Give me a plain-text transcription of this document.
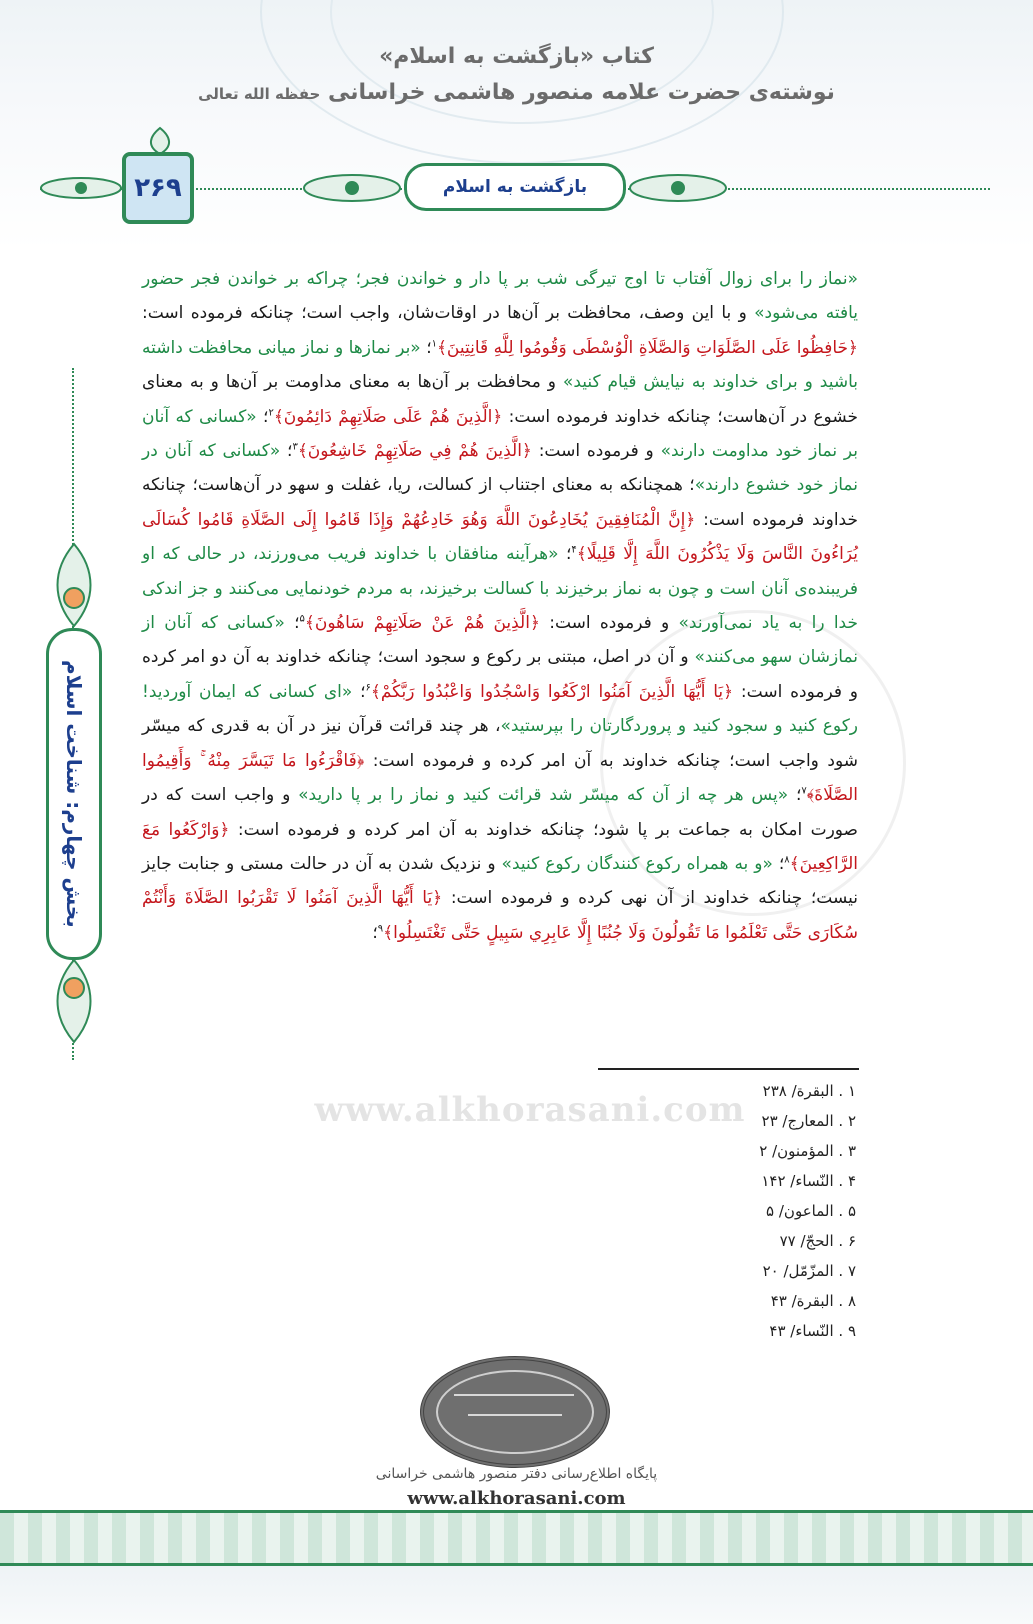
کتاب «بازگشت به اسلام»
نوشته‌ی حضرت علامه منصور هاشمی خراسانی حفظه الله تعالی
۲۶۹	بازگشت به اسلام
بخش چهارم: شناخت اسلام

«نماز را برای زوال آفتاب تا اوج تیرگی شب بر پا دار و خواندن فجر؛ چراکه بر خواندن فجر حضور یافته می‌شود» و با این وصف، محافظت بر آن‌ها در اوقات‌شان، واجب است؛ چنانکه فرموده است: ﴿حَافِظُوا عَلَى الصَّلَوَاتِ وَالصَّلَاةِ الْوُسْطَى وَقُومُوا لِلَّهِ قَانِتِينَ﴾$^۱$؛ «بر نمازها و نماز میانی محافظت داشته باشید و برای خداوند به نیایش قیام کنید» و محافظت بر آن‌ها به معنای مداومت بر آن‌ها و به معنای خشوع در آن‌هاست؛ چنانکه خداوند فرموده است: ﴿الَّذِينَ هُمْ عَلَى صَلَاتِهِمْ دَائِمُونَ﴾$^۲$؛ «کسانی که آنان بر نماز خود مداومت دارند» و فرموده است: ﴿الَّذِينَ هُمْ فِي صَلَاتِهِمْ خَاشِعُونَ﴾$^۳$؛ «کسانی که آنان در نماز خود خشوع دارند»؛ همچنانکه به معنای اجتناب از کسالت، ریا، غفلت و سهو در آن‌هاست؛ چنانکه خداوند فرموده است: ﴿إِنَّ الْمُنَافِقِينَ يُخَادِعُونَ اللَّهَ وَهُوَ خَادِعُهُمْ وَإِذَا قَامُوا إِلَى الصَّلَاةِ قَامُوا كُسَالَى يُرَاءُونَ النَّاسَ وَلَا يَذْكُرُونَ اللَّهَ إِلَّا قَلِيلًا﴾$^۴$؛ «هرآینه منافقان با خداوند فریب می‌ورزند، در حالی که او فریبنده‌ی آنان است و چون به نماز برخیزند با کسالت برخیزند، به مردم خودنمایی می‌کنند و جز اندکی خدا را به یاد نمی‌آورند» و فرموده است: ﴿الَّذِينَ هُمْ عَنْ صَلَاتِهِمْ سَاهُونَ﴾$^۵$؛ «کسانی که آنان از نمازشان سهو می‌کنند» و آن در اصل، مبتنی بر رکوع و سجود است؛ چنانکه خداوند به آن دو امر کرده و فرموده است: ﴿يَا أَيُّهَا الَّذِينَ آمَنُوا ارْكَعُوا وَاسْجُدُوا وَاعْبُدُوا رَبَّكُمْ﴾$^۶$؛ «ای کسانی که ایمان آوردید! رکوع کنید و سجود کنید و پروردگارتان را بپرستید»، هر چند قرائت قرآن نیز در آن به قدری که میسّر شود واجب است؛ چنانکه خداوند به آن امر کرده و فرموده است: ﴿فَاقْرَءُوا مَا تَيَسَّرَ مِنْهُ ۚ وَأَقِيمُوا الصَّلَاةَ﴾$^۷$؛ «پس هر چه از آن که میسّر شد قرائت کنید و نماز را بر پا دارید» و واجب است که در صورت امکان به جماعت بر پا شود؛ چنانکه خداوند به آن امر کرده و فرموده است: ﴿وَارْكَعُوا مَعَ الرَّاكِعِينَ﴾$^۸$؛ «و به همراه رکوع کنندگان رکوع کنید» و نزدیک شدن به آن در حالت مستی و جنابت جایز نیست؛ چنانکه خداوند از آن نهی کرده و فرموده است: ﴿يَا أَيُّهَا الَّذِينَ آمَنُوا لَا تَقْرَبُوا الصَّلَاةَ وَأَنْتُمْ سُكَارَى حَتَّى تَعْلَمُوا مَا تَقُولُونَ وَلَا جُنُبًا إِلَّا عَابِرِي سَبِيلٍ حَتَّى تَغْتَسِلُوا﴾$^۹$؛

www.alkhorasani.com	۱ . البقرة/ ۲۳۸
۲ . المعارج/ ۲۳
۳ . المؤمنون/ ۲
۴ . النّساء/ ۱۴۲
۵ . الماعون/ ۵
۶ . الحجّ/ ۷۷
۷ . المزّمّل/ ۲۰
۸ . البقرة/ ۴۳
۹ . النّساء/ ۴۳
پایگاه اطلاع‌رسانی دفتر منصور هاشمی خراسانی
www.alkhorasani.com
